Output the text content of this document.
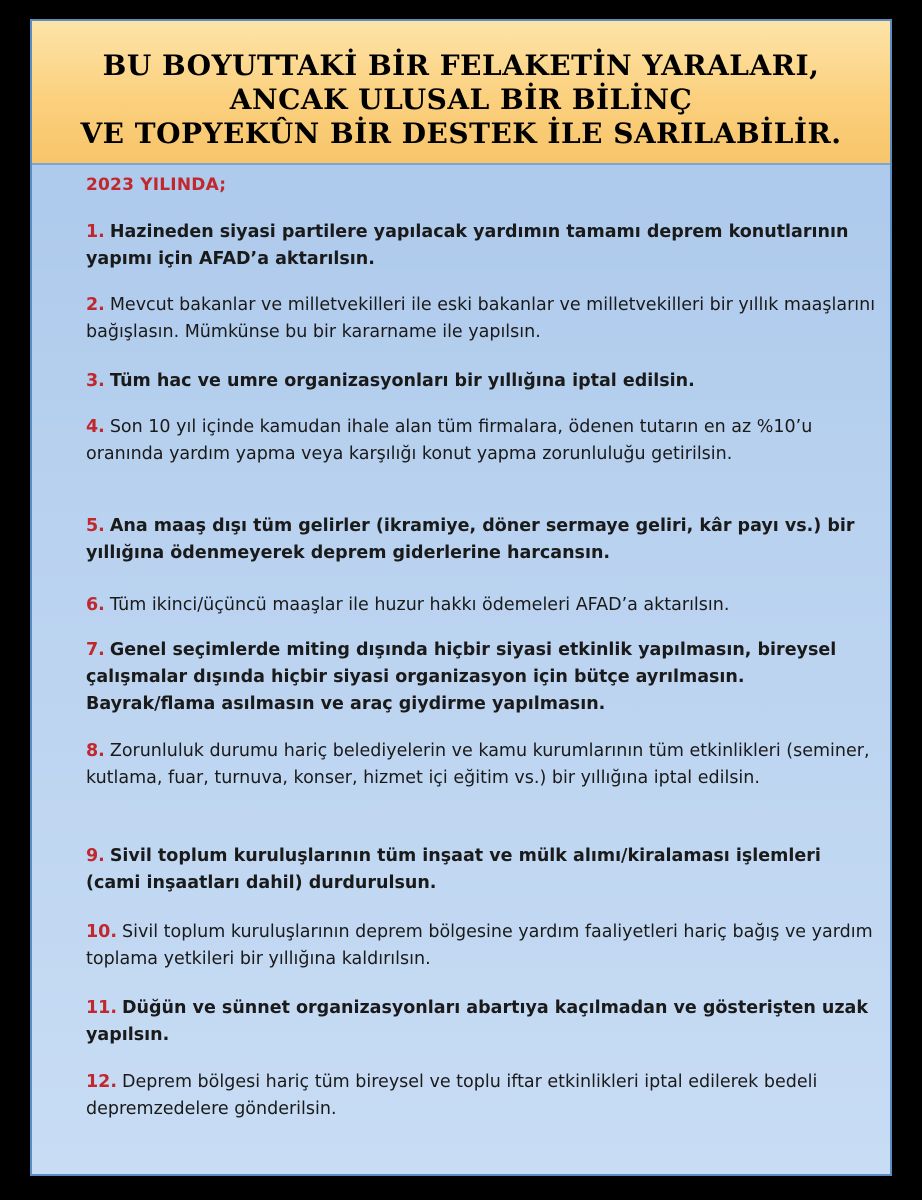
BU BOYUTTAKİ BİR FELAKETİN YARALARI,
ANCAK ULUSAL BİR BİLİNÇ
VE TOPYEKÛN BİR DESTEK İLE SARILABİLİR.
2023 YILINDA;
1. Hazineden siyasi partilere yapılacak yardımın tamamı deprem konutlarının yapımı için AFAD’a aktarılsın.
2. Mevcut bakanlar ve milletvekilleri ile eski bakanlar ve milletvekilleri bir yıllık maaşlarını bağışlasın. Mümkünse bu bir kararname ile yapılsın.
3. Tüm hac ve umre organizasyonları bir yıllığına iptal edilsin.
4. Son 10 yıl içinde kamudan ihale alan tüm firmalara, ödenen tutarın en az %10’u oranında yardım yapma veya karşılığı konut yapma zorunluluğu getirilsin.
5. Ana maaş dışı tüm gelirler (ikramiye, döner sermaye geliri, kâr payı vs.) bir yıllığına ödenmeyerek deprem giderlerine harcansın.
6. Tüm ikinci/üçüncü maaşlar ile huzur hakkı ödemeleri AFAD’a aktarılsın.
7. Genel seçimlerde miting dışında hiçbir siyasi etkinlik yapılmasın, bireysel çalışmalar dışında hiçbir siyasi organizasyon için bütçe ayrılmasın. Bayrak/flama asılmasın ve araç giydirme yapılmasın.
8. Zorunluluk durumu hariç belediyelerin ve kamu kurumlarının tüm etkinlikleri (seminer, kutlama, fuar, turnuva, konser, hizmet içi eğitim vs.) bir yıllığına iptal edilsin.
9. Sivil toplum kuruluşlarının tüm inşaat ve mülk alımı/kiralaması işlemleri (cami inşaatları dahil) durdurulsun.
10. Sivil toplum kuruluşlarının deprem bölgesine yardım faaliyetleri hariç bağış ve yardım toplama yetkileri bir yıllığına kaldırılsın.
11. Düğün ve sünnet organizasyonları abartıya kaçılmadan ve gösterişten uzak yapılsın.
12. Deprem bölgesi hariç tüm bireysel ve toplu iftar etkinlikleri iptal edilerek bedeli depremzedelere gönderilsin.
